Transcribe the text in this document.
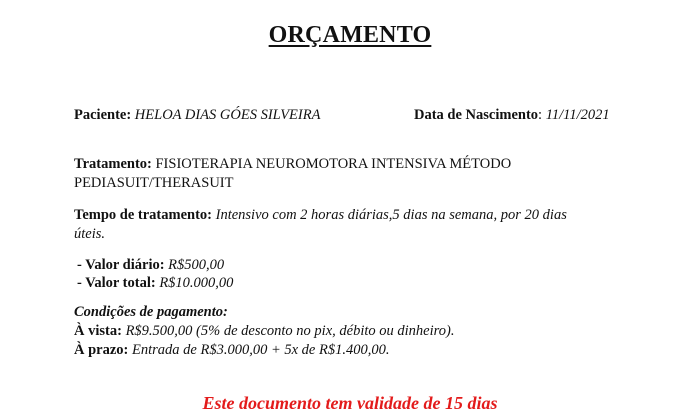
ORÇAMENTO
Paciente: HELOA DIAS GÓES SILVEIRA	Data de Nascimento: 11/11/2021
Tratamento: FISIOTERAPIA NEUROMOTORA INTENSIVA MÉTODO
PEDIASUIT/THERASUIT
Tempo de tratamento: Intensivo com 2 horas diárias,5 dias na semana, por 20 dias
úteis.
- Valor diário: R$500,00
- Valor total: R$10.000,00
Condições de pagamento:
À vista: R$9.500,00 (5% de desconto no pix, débito ou dinheiro).
À prazo: Entrada de R$3.000,00 + 5x de R$1.400,00.
Este documento tem validade de 15 dias
